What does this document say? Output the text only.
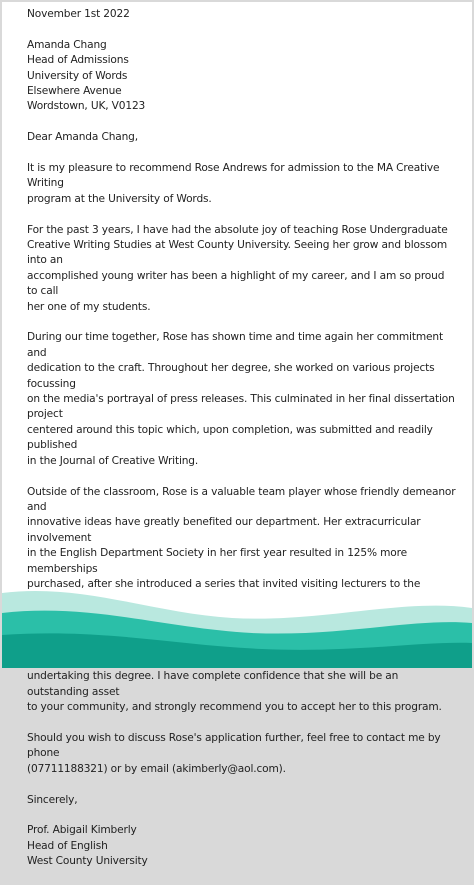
November 1st 2022

Amanda Chang
Head of Admissions
University of Words
Elsewhere Avenue
Wordstown, UK, V0123

Dear Amanda Chang,

It is my pleasure to recommend Rose Andrews for admission to the MA Creative Writing
program at the University of Words.

For the past 3 years, I have had the absolute joy of teaching Rose Undergraduate
Creative Writing Studies at West County University. Seeing her grow and blossom into an
accomplished young writer has been a highlight of my career, and I am so proud to call
her one of my students.

During our time together, Rose has shown time and time again her commitment and
dedication to the craft. Throughout her degree, she worked on various projects focussing
on the media's portrayal of press releases. This culminated in her final dissertation project
centered around this topic which, upon completion, was submitted and readily published
in the Journal of Creative Writing.

Outside of the classroom, Rose is a valuable team player whose friendly demeanor and
innovative ideas have greatly benefited our department. Her extracurricular involvement
in the English Department Society in her first year resulted in 125% more memberships
purchased, after she introduced a series that invited visiting lecturers to the

undertaking this degree. I have complete confidence that she will be an outstanding asset
to your community, and strongly recommend you to accept her to this program.

Should you wish to discuss Rose's application further, feel free to contact me by phone
(07711188321) or by email (akimberly@aol.com).

Sincerely,

Prof. Abigail Kimberly
Head of English
West County University
